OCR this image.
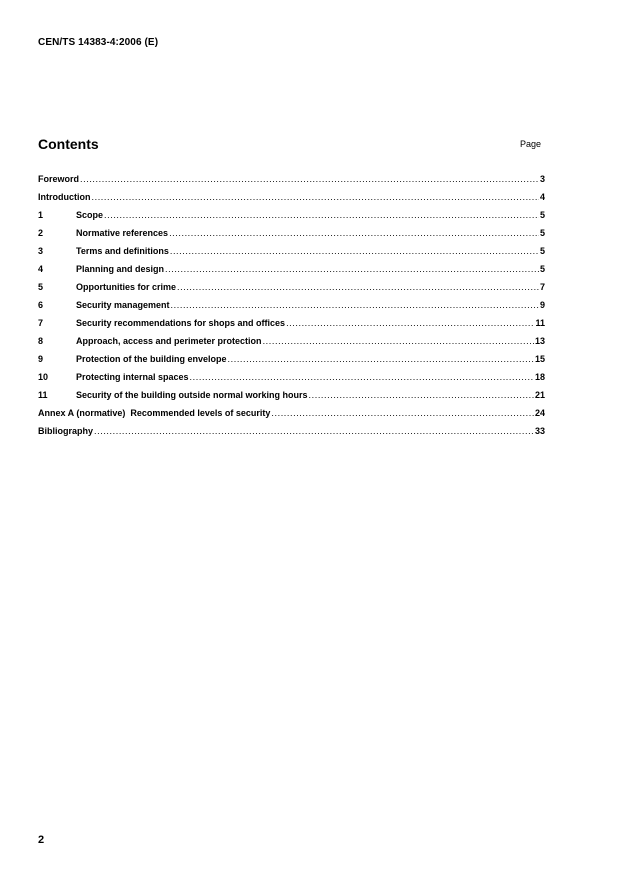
CEN/TS 14383-4:2006 (E)
Contents	Page
Foreword .....	3
Introduction .....	4
1	Scope .....	5
2	Normative references .....	5
3	Terms and definitions .....	5
4	Planning and design .....	5
5	Opportunities for crime .....	7
6	Security management .....	9
7	Security recommendations for shops and offices .....	11
8	Approach, access and perimeter protection .....	13
9	Protection of the building envelope .....	15
10	Protecting internal spaces .....	18
11	Security of the building outside normal working hours .....	21
Annex A (normative)  Recommended levels of security .....	24
Bibliography .....	33
2
